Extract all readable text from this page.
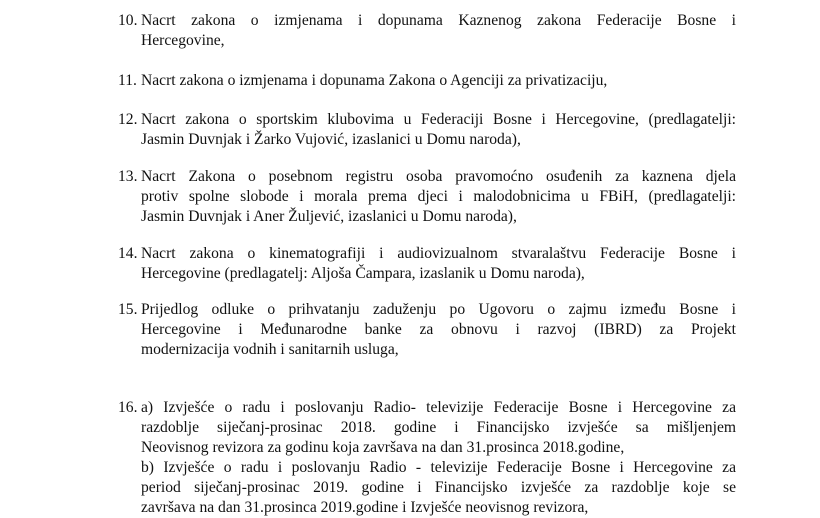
10. Nacrt zakona o izmjenama i dopunama Kaznenog zakona Federacije Bosne i
Hercegovine,
11. Nacrt zakona o izmjenama i dopunama Zakona o Agenciji za privatizaciju,
12. Nacrt zakona o sportskim klubovima u Federaciji Bosne i Hercegovine, (predlagatelji:
Jasmin Duvnjak i Žarko Vujović, izaslanici u Domu naroda),
13. Nacrt Zakona o posebnom registru osoba pravomoćno osuđenih za kaznena djela
protiv spolne slobode i morala prema djeci i malodobnicima u FBiH, (predlagatelji:
Jasmin Duvnjak i Aner Žuljević, izaslanici u Domu naroda),
14. Nacrt zakona o kinematografiji i audiovizualnom stvaralaštvu Federacije Bosne i
Hercegovine (predlagatelj: Aljoša Čampara, izaslanik u Domu naroda),
15. Prijedlog odluke o prihvatanju zaduženju po Ugovoru o zajmu između Bosne i
Hercegovine i Međunarodne banke za obnovu i razvoj (IBRD) za Projekt
modernizacija vodnih i sanitarnih usluga,
16. a) Izvješće o radu i poslovanju Radio- televizije Federacije Bosne i Hercegovine za
razdoblje siječanj-prosinac 2018. godine i Financijsko izvješće sa mišljenjem
Neovisnog revizora za godinu koja završava na dan 31.prosinca 2018.godine,
b) Izvješće o radu i poslovanju Radio - televizije Federacije Bosne i Hercegovine za
period siječanj-prosinac 2019. godine i Financijsko izvješće za razdoblje koje se
završava na dan 31.prosinca 2019.godine i Izvješće neovisnog revizora,
